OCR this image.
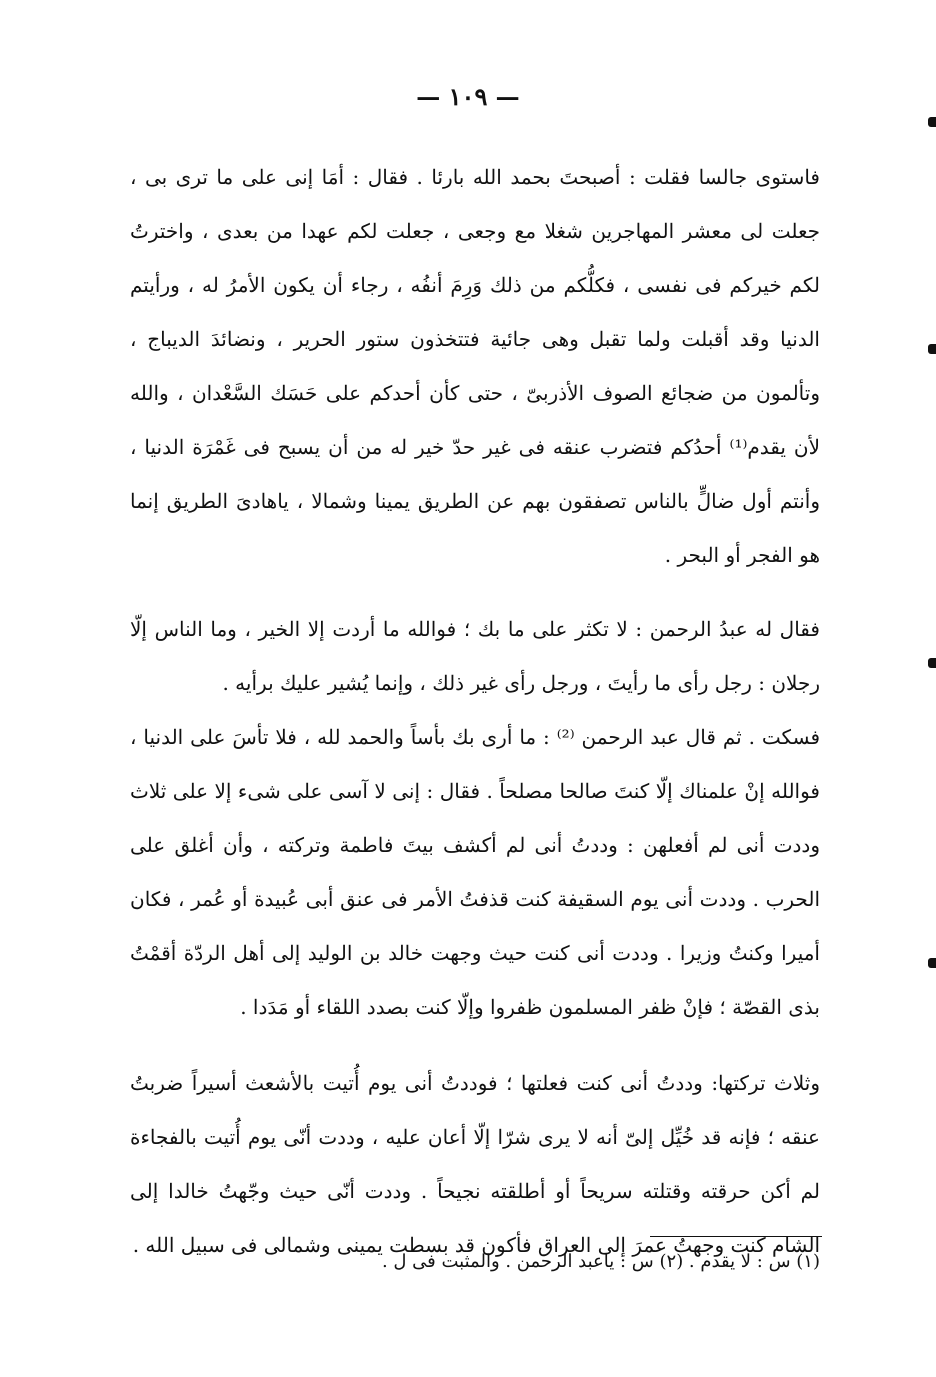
— ١٠٩ —

فاستوى جالسا فقلت : أصبحتَ بحمد الله بارئا . فقال : أمَا إنى على ما ترى بى ، جعلت لى معشر المهاجرين شغلا مع وجعى ، جعلت لكم عهدا من بعدى ، واخترتُ لكم خيركم فى نفسى ، فكلُّكم من ذلك وَرِمَ أنفُه ، رجاء أن يكون الأمرُ له ، ورأيتم الدنيا وقد أقبلت ولما تقبل وهى جائية فتتخذون ستور الحرير ، ونضائدَ الديباج ، وتألمون من ضجائع الصوف الأذربىّ ، حتى كأن أحدكم على حَسَك السَّعْدان ، والله لأن يقدم⁽¹⁾ أحدُكم فتضرب عنقه فى غير حدّ خير له من أن يسبح فى غَمْرَة الدنيا ، وأنتم أول ضالٍّ بالناس تصفقون بهم عن الطريق يمينا وشمالا ، ياهادىَ الطريق إنما هو الفجر أو البحر .

فقال له عبدُ الرحمن : لا تكثر على ما بك ؛ فوالله ما أردت إلا الخير ، وما الناس إلّا رجلان : رجل رأى ما رأيتَ ، ورجل رأى غير ذلك ، وإنما يُشير عليك برأيه .

فسكت . ثم قال عبد الرحمن ⁽²⁾ : ما أرى بك بأساً والحمد لله ، فلا تأسَ على الدنيا ، فوالله إنْ علمناك إلّا كنتَ صالحا مصلحاً . فقال : إنى لا آسى على شىء إلا على ثلاث وددت أنى لم أفعلهن : وددتُ أنى لم أكشف بيتَ فاطمة وتركته ، وأن أغلق على الحرب . وددت أنى يوم السقيفة كنت قذفتُ الأمر فى عنق أبى عُبيدة أو عُمر ، فكان أميرا وكنتُ وزيرا . وددت أنى كنت حيث وجهت خالد بن الوليد إلى أهل الردّة أقمْتُ بذى القصّة ؛ فإنْ ظفر المسلمون ظفروا وإلّا كنت بصدد اللقاء أو مَدَدا .

وثلاث تركتها: وددتُ أنى كنت فعلتها ؛ فوددتُ أنى يوم أُتيت بالأشعث أسيراً ضربتُ عنقه ؛ فإنه قد خُيِّل إلىّ أنه لا يرى شرّا إلّا أعان عليه ، وددت أنّى يوم أُتيت بالفجاءة لم أكن حرقته وقتلته سريحاً أو أطلقته نجيحاً . وددت أنّى حيث وجّهتُ خالدا إلى الشام كنت وجهتُ عمرَ إلى العراق فأكون قد بسطت يمينى وشمالى فى سبيل الله .

(١) س : لا يقدم . (٢) س : ياعبد الرحمن . والمثبت فى ل .
